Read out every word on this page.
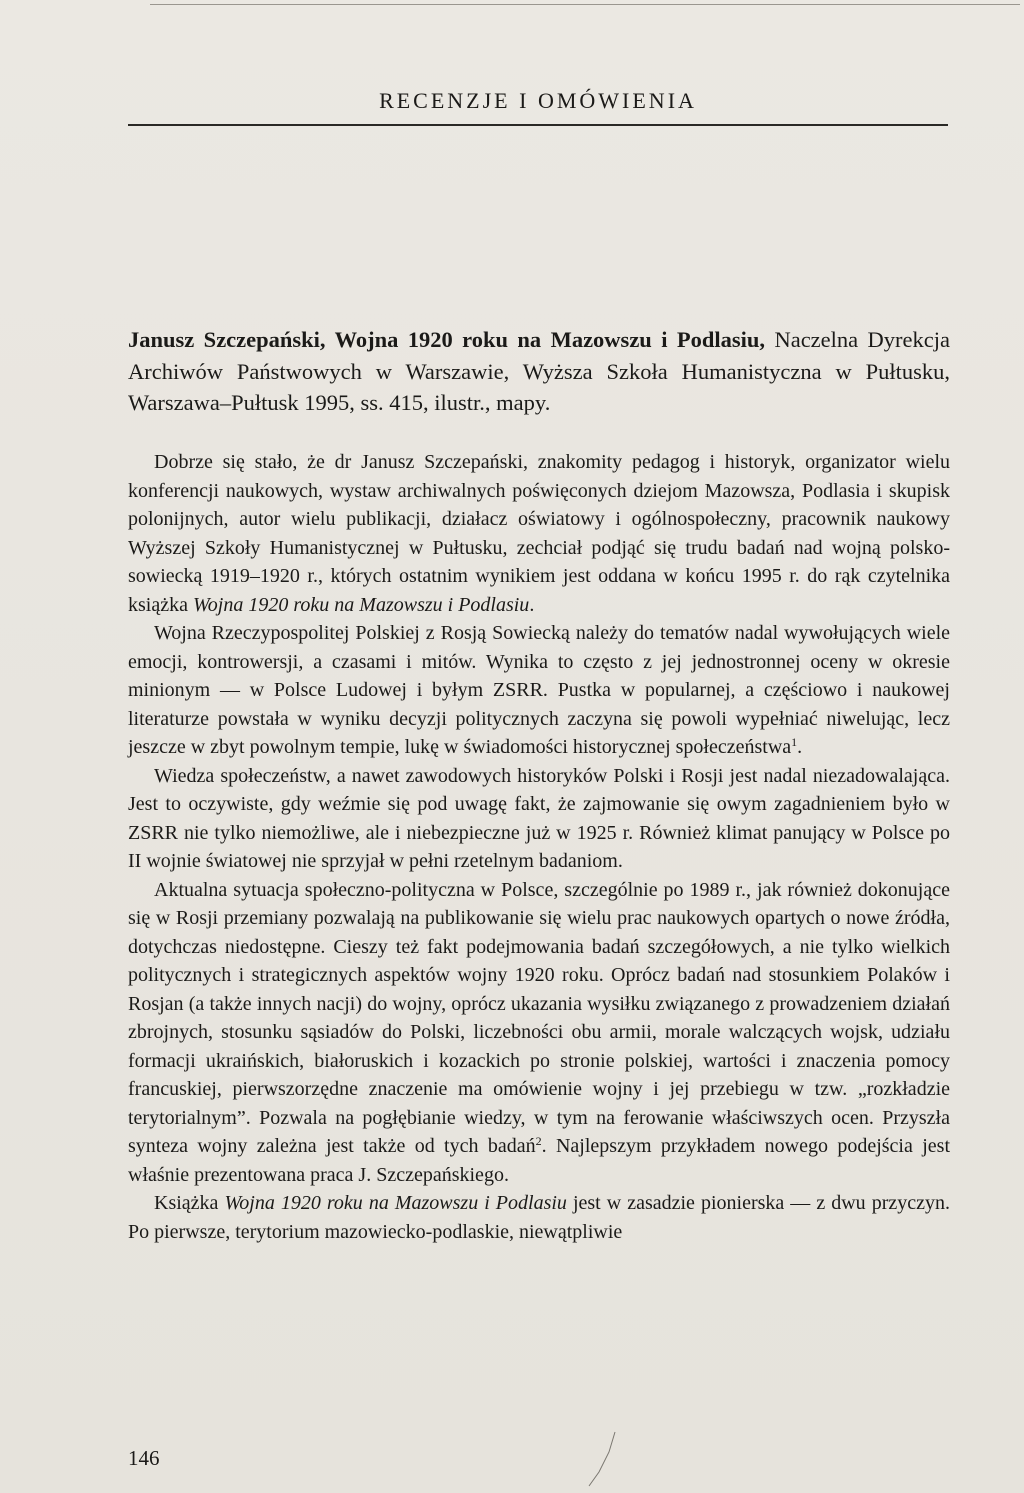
RECENZJE I OMÓWIENIA
Janusz Szczepański, Wojna 1920 roku na Mazowszu i Podlasiu, Naczelna Dyrekcja Archiwów Państwowych w Warszawie, Wyższa Szkoła Humanistyczna w Pułtusku, Warszawa–Pułtusk 1995, ss. 415, ilustr., mapy.

Dobrze się stało, że dr Janusz Szczepański, znakomity pedagog i historyk, organizator wielu konferencji naukowych, wystaw archiwalnych poświęconych dziejom Mazowsza, Podlasia i skupisk polonijnych, autor wielu publikacji, działacz oświatowy i ogólnospołeczny, pracownik naukowy Wyższej Szkoły Humanistycznej w Pułtusku, zechciał podjąć się trudu badań nad wojną polsko-sowiecką 1919–1920 r., których ostatnim wynikiem jest oddana w końcu 1995 r. do rąk czytelnika książka Wojna 1920 roku na Mazowszu i Podlasiu.

Wojna Rzeczypospolitej Polskiej z Rosją Sowiecką należy do tematów nadal wywołujących wiele emocji, kontrowersji, a czasami i mitów. Wynika to często z jej jednostronnej oceny w okresie minionym — w Polsce Ludowej i byłym ZSRR. Pustka w popularnej, a częściowo i naukowej literaturze powstała w wyniku decyzji politycznych zaczyna się powoli wypełniać niwelując, lecz jeszcze w zbyt powolnym tempie, lukę w świadomości historycznej społeczeństwa$^1$.

Wiedza społeczeństw, a nawet zawodowych historyków Polski i Rosji jest nadal niezadowalająca. Jest to oczywiste, gdy weźmie się pod uwagę fakt, że zajmowanie się owym zagadnieniem było w ZSRR nie tylko niemożliwe, ale i niebezpieczne już w 1925 r. Również klimat panujący w Polsce po II wojnie światowej nie sprzyjał w pełni rzetelnym badaniom.

Aktualna sytuacja społeczno-polityczna w Polsce, szczególnie po 1989 r., jak również dokonujące się w Rosji przemiany pozwalają na publikowanie się wielu prac naukowych opartych o nowe źródła, dotychczas niedostępne. Cieszy też fakt podejmowania badań szczegółowych, a nie tylko wielkich politycznych i strategicznych aspektów wojny 1920 roku. Oprócz badań nad stosunkiem Polaków i Rosjan (a także innych nacji) do wojny, oprócz ukazania wysiłku związanego z prowadzeniem działań zbrojnych, stosunku sąsiadów do Polski, liczebności obu armii, morale walczących wojsk, udziału formacji ukraińskich, białoruskich i kozackich po stronie polskiej, wartości i znaczenia pomocy francuskiej, pierwszorzędne znaczenie ma omówienie wojny i jej przebiegu w tzw. „rozkładzie terytorialnym”. Pozwala na pogłębianie wiedzy, w tym na ferowanie właściwszych ocen. Przyszła synteza wojny zależna jest także od tych badań$^2$. Najlepszym przykładem nowego podejścia jest właśnie prezentowana praca J. Szczepańskiego.

Książka Wojna 1920 roku na Mazowszu i Podlasiu jest w zasadzie pionierska — z dwu przyczyn. Po pierwsze, terytorium mazowiecko-podlaskie, niewątpliwie

146
